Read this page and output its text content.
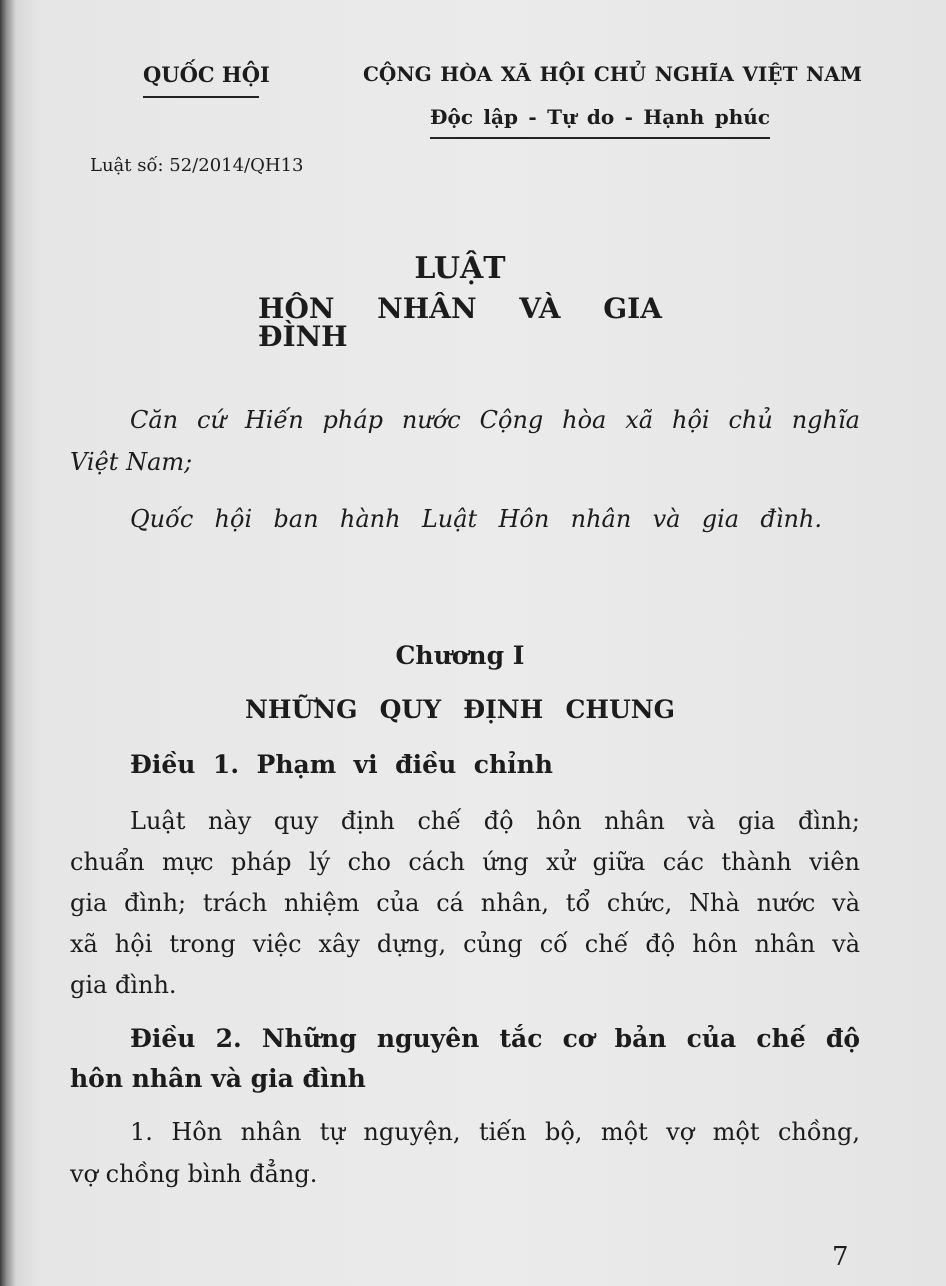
QUỐC HỘI	CỘNG HÒA XÃ HỘI CHỦ NGHĨA VIỆT NAM
Độc lập - Tự do - Hạnh phúc
Luật số: 52/2014/QH13
LUẬT
HÔN NHÂN VÀ GIA ĐÌNH
Căn cứ Hiến pháp nước Cộng hòa xã hội chủ nghĩa
Việt Nam;
Quốc hội ban hành Luật Hôn nhân và gia đình.
Chương I
NHỮNG QUY ĐỊNH CHUNG
Điều 1. Phạm vi điều chỉnh
Luật này quy định chế độ hôn nhân và gia đình;
chuẩn mực pháp lý cho cách ứng xử giữa các thành viên
gia đình; trách nhiệm của cá nhân, tổ chức, Nhà nước và
xã hội trong việc xây dựng, củng cố chế độ hôn nhân và
gia đình.
Điều 2. Những nguyên tắc cơ bản của chế độ
hôn nhân và gia đình
1. Hôn nhân tự nguyện, tiến bộ, một vợ một chồng,
vợ chồng bình đẳng.
7
